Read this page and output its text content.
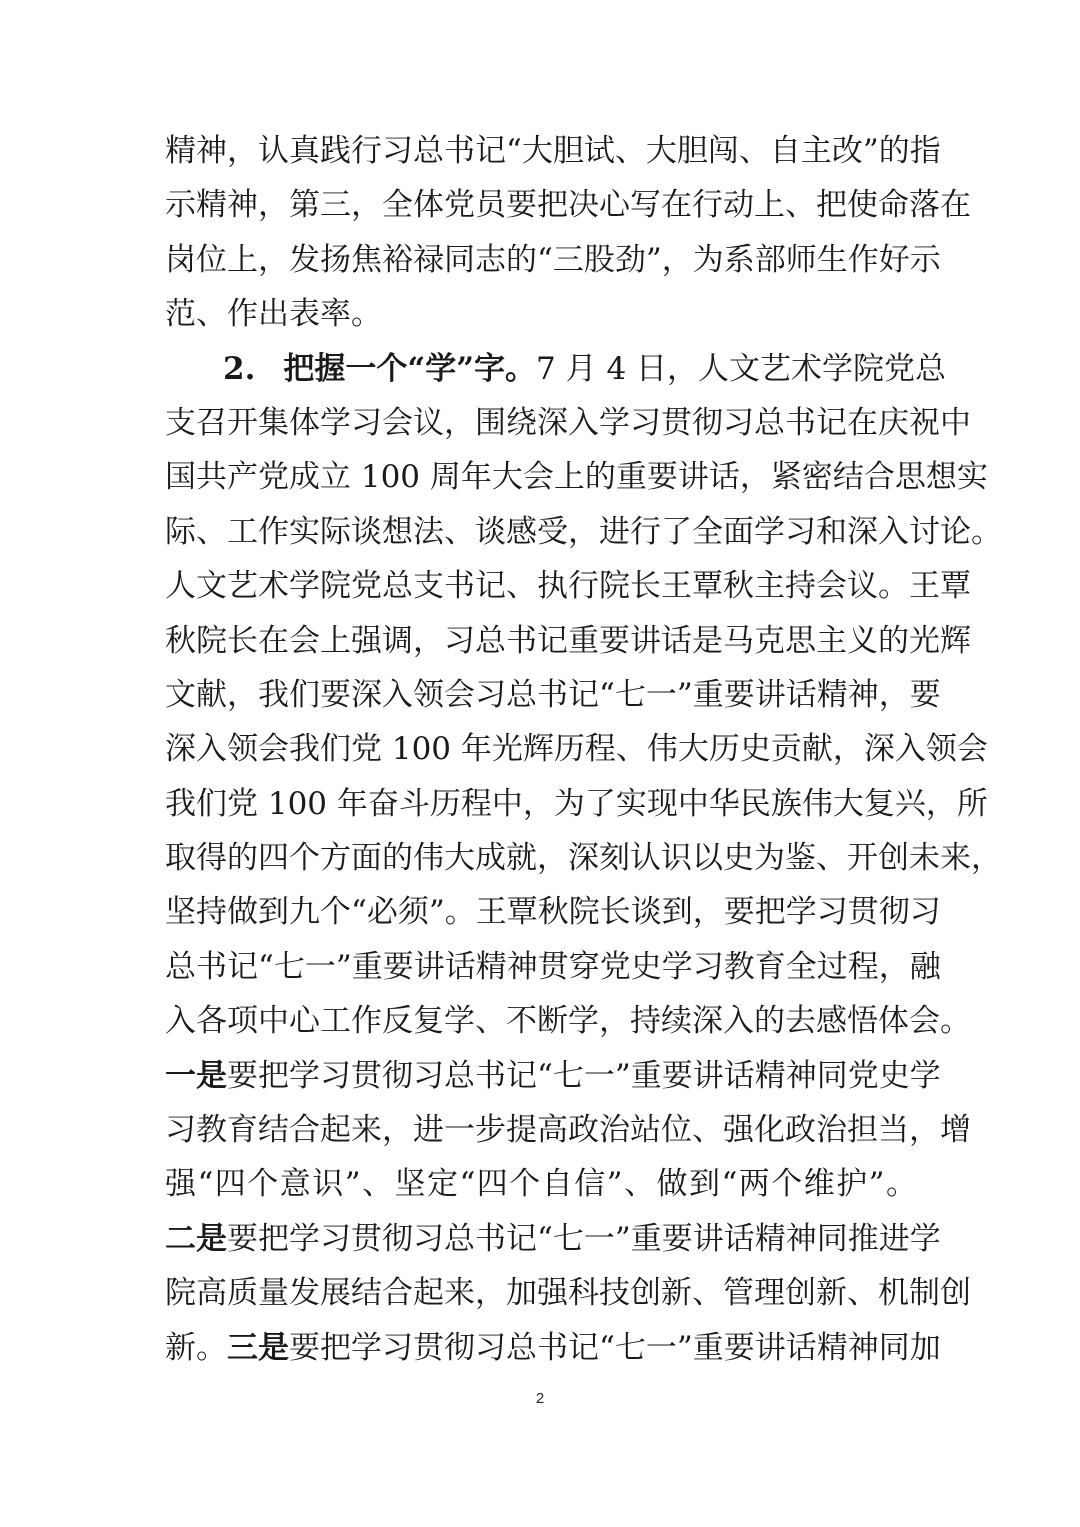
精神，认真践行习总书记“大胆试、大胆闯、自主改”的指
示精神，第三，全体党员要把决心写在行动上、把使命落在
岗位上，发扬焦裕禄同志的“三股劲”，为系部师生作好示
范、作出表率。
2. 把握一个“学”字。7 月 4 日，人文艺术学院党总
支召开集体学习会议，围绕深入学习贯彻习总书记在庆祝中
国共产党成立 100 周年大会上的重要讲话，紧密结合思想实
际、工作实际谈想法、谈感受，进行了全面学习和深入讨论。
人文艺术学院党总支书记、执行院长王覃秋主持会议。王覃
秋院长在会上强调，习总书记重要讲话是马克思主义的光辉
文献，我们要深入领会习总书记“七一”重要讲话精神，要
深入领会我们党 100 年光辉历程、伟大历史贡献，深入领会
我们党 100 年奋斗历程中，为了实现中华民族伟大复兴，所
取得的四个方面的伟大成就，深刻认识以史为鉴、开创未来，
坚持做到九个“必须”。王覃秋院长谈到，要把学习贯彻习
总书记“七一”重要讲话精神贯穿党史学习教育全过程，融
入各项中心工作反复学、不断学，持续深入的去感悟体会。
一是要把学习贯彻习总书记“七一”重要讲话精神同党史学
习教育结合起来，进一步提高政治站位、强化政治担当，增
强“四个意识”、坚定“四个自信”、做到“两个维护”。
二是要把学习贯彻习总书记“七一”重要讲话精神同推进学
院高质量发展结合起来，加强科技创新、管理创新、机制创
新。三是要把学习贯彻习总书记“七一”重要讲话精神同加
2
